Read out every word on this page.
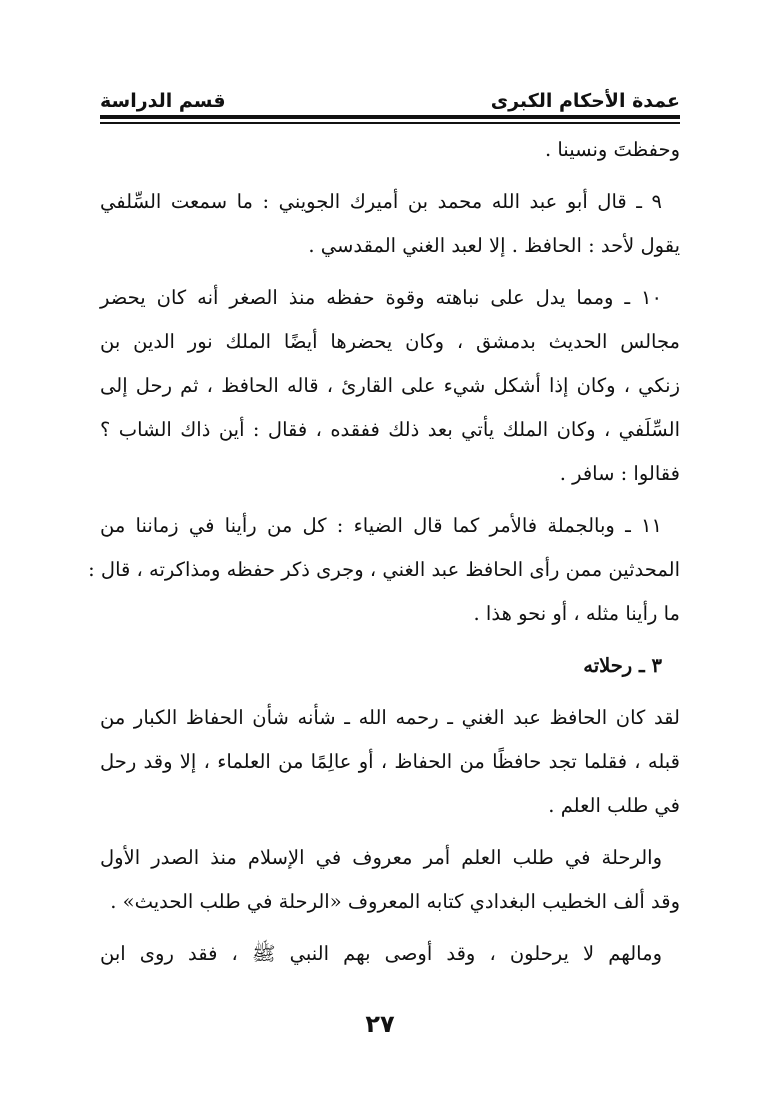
عمدة الأحكام الكبرى
قسم الدراسة

وحفظتَ ونسينا .

٩ ـ قال أبو عبد الله محمد بن أميرك الجويني : ما سمعت السِّلفي
يقول لأحد : الحافظ . إلا لعبد الغني المقدسي .

١٠ ـ ومما يدل على نباهته وقوة حفظه منذ الصغر أنه كان يحضر
مجالس الحديث بدمشق ، وكان يحضرها أيضًا الملك نور الدين بن
زنكي ، وكان إذا أشكل شيء على القارئ ، قاله الحافظ ، ثم رحل إلى
السِّلَفي ، وكان الملك يأتي بعد ذلك ففقده ، فقال : أين ذاك الشاب ؟
فقالوا : سافر .

١١ ـ وبالجملة فالأمر كما قال الضياء : كل من رأينا في زماننا من
المحدثين ممن رأى الحافظ عبد الغني ، وجرى ذكر حفظه ومذاكرته ، قال :
ما رأينا مثله ، أو نحو هذا .

٣ ـ رحلاته

لقد كان الحافظ عبد الغني ـ رحمه الله ـ شأنه شأن الحفاظ الكبار من
قبله ، فقلما تجد حافظًا من الحفاظ ، أو عالِمًا من العلماء ، إلا وقد رحل
في طلب العلم .

والرحلة في طلب العلم أمر معروف في الإسلام منذ الصدر الأول
وقد ألف الخطيب البغدادي كتابه المعروف «الرحلة في طلب الحديث» .

ومالهم لا يرحلون ، وقد أوصى بهم النبي ﷺ ، فقد روى ابن

٢٧
